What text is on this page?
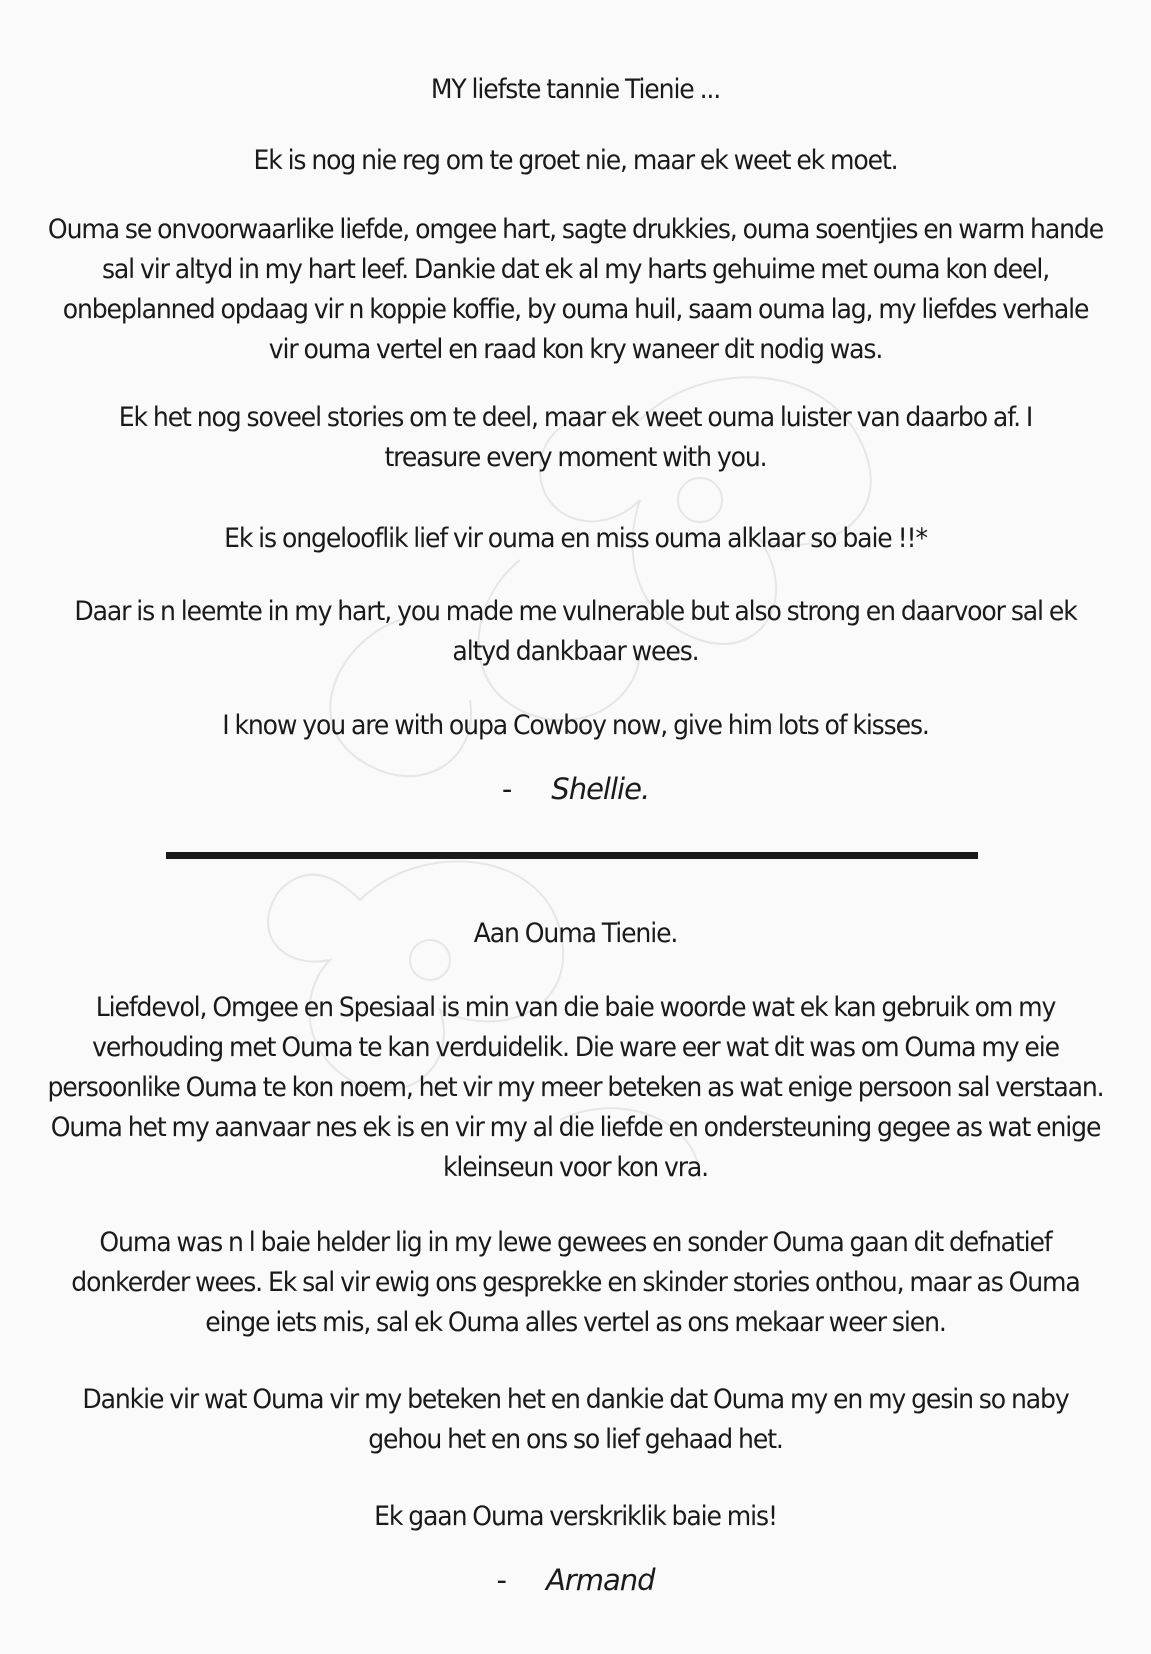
MY liefste tannie Tienie ...

Ek is nog nie reg om te groet nie, maar ek weet ek moet.

Ouma se onvoorwaarlike liefde, omgee hart, sagte drukkies, ouma soentjies en warm hande sal vir altyd in my hart leef. Dankie dat ek al my harts gehuime met ouma kon deel, onbeplanned opdaag vir n koppie koffie, by ouma huil, saam ouma lag, my liefdes verhale vir ouma vertel en raad kon kry waneer dit nodig was.

Ek het nog soveel stories om te deel, maar ek weet ouma luister van daarbo af. I treasure every moment with you.

Ek is ongelooflik lief vir ouma en miss ouma alklaar so baie !!*

Daar is n leemte in my hart, you made me vulnerable but also strong en daarvoor sal ek altyd dankbaar wees.

I know you are with oupa Cowboy now, give him lots of kisses.

- Shellie.

Aan Ouma Tienie.

Liefdevol, Omgee en Spesiaal is min van die baie woorde wat ek kan gebruik om my verhouding met Ouma te kan verduidelik. Die ware eer wat dit was om Ouma my eie persoonlike Ouma te kon noem, het vir my meer beteken as wat enige persoon sal verstaan. Ouma het my aanvaar nes ek is en vir my al die liefde en ondersteuning gegee as wat enige kleinseun voor kon vra.

Ouma was n l baie helder lig in my lewe gewees en sonder Ouma gaan dit defnatief donkerder wees. Ek sal vir ewig ons gesprekke en skinder stories onthou, maar as Ouma einge iets mis, sal ek Ouma alles vertel as ons mekaar weer sien.

Dankie vir wat Ouma vir my beteken het en dankie dat Ouma my en my gesin so naby gehou het en ons so lief gehaad het.

Ek gaan Ouma verskriklik baie mis!

- Armand
